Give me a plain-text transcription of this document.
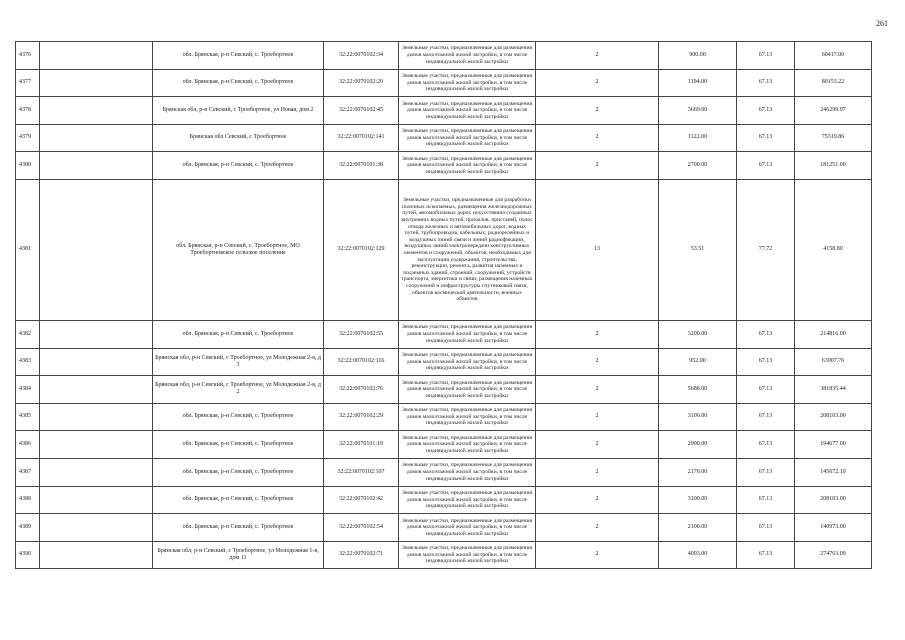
261
4376		обл. Брянская, р-н Севский, с. Троебортное	32:22:0070102:34	Земельные участки, предназначенные для размещения домов малоэтажной жилой застройки, в том числе индивидуальной жилой застройки	2	900.00	67.13	60417.00
4377		обл. Брянская, р-н Севский, с. Троебортное	32:22:0070102:20	Земельные участки, предназначенные для размещения домов малоэтажной жилой застройки, в том числе индивидуальной жилой застройки	2	1194.00	67.13	80153.22
4378		Брянская обл, р-н Севский, с Троебортное, ул Новая, дом 2	32:22:0070102:45	Земельные участки, предназначенные для размещения домов малоэтажной жилой застройки, в том числе индивидуальной жилой застройки	2	3669.00	67.13	246299.97
4379		Брянская обл Севский, с Троебортное	32:22:0070102:141	Земельные участки, предназначенные для размещения домов малоэтажной жилой застройки, в том числе индивидуальной жилой застройки	2	1122.00	67.13	75319.86
4380		обл. Брянская, р-н Севский, с. Троебортное	32:22:0070101:38	Земельные участки, предназначенные для размещения домов малоэтажной жилой застройки, в том числе индивидуальной жилой застройки	2	2700.00	67.13	181251.00
4381		обл. Брянская, р-н Севский, с. Троебортное, МО Троебортновское сельское поселение	32:22:0070102:129	Земельные участки, предназначенные для разработки полезных ископаемых, размещения железнодорожных путей, автомобильных дорог, искусственно созданных внутренних водных путей, причалов, пристаней, полос отвода железных и автомобильных дорог, водных путей, трубопроводов, кабельных, радиорелейных и воздушных линий связи и линий радиофикации, воздушных линий электропередачи конструктивных элементов и сооружений, объектов, необходимых для эксплуатации,содержания, строительства, реконструкции, ремонта, развития наземных и подземных зданий, строений, сооружений, устройств транспорта, энергетики и связи; размещения наземных сооружений и инфраструктуры спутниковой связи, объектов космической деятельности, военных объектов	13	53.51	77.72	4158.80
4382		обл. Брянская, р-н Севский, с. Троебортное	32:22:0070102:55	Земельные участки, предназначенные для размещения домов малоэтажной жилой застройки, в том числе индивидуальной жилой застройки	2	3200.00	67.13	214816.00
4383		Брянская обл, р-н Севский, с Троебортное, ул Молодежная 2-я, д 3	32:22:0070102:116	Земельные участки, предназначенные для размещения домов малоэтажной жилой застройки, в том числе индивидуальной жилой застройки	2	952.00	67.13	63907.76
4384		Брянская обл, р-н Севский, с Троебортное, ул Молодежная 2-я, д 2	32:22:0070102:76	Земельные участки, предназначенные для размещения домов малоэтажной жилой застройки, в том числе индивидуальной жилой застройки	2	5688.00	67.13	381835.44
4385		обл. Брянская, р-н Севский, с. Троебортное	32:22:0070102:29	Земельные участки, предназначенные для размещения домов малоэтажной жилой застройки, в том числе индивидуальной жилой застройки	2	3100.00	67.13	208103.00
4386		обл. Брянская, р-н Севский, с. Троебортное	32:22:0070101:19	Земельные участки, предназначенные для размещения домов малоэтажной жилой застройки, в том числе индивидуальной жилой застройки	2	2900.00	67.13	194677.00
4387		обл. Брянская, р-н Севский, с. Троебортное	32:22:0070102:107	Земельные участки, предназначенные для размещения домов малоэтажной жилой застройки, в том числе индивидуальной жилой застройки	2	2170.00	67.13	145672.10
4388		обл. Брянская, р-н Севский, с. Троебортное	32:22:0070102:42	Земельные участки, предназначенные для размещения домов малоэтажной жилой застройки, в том числе индивидуальной жилой застройки	2	3100.00	67.13	208103.00
4389		обл. Брянская, р-н Севский, с. Троебортное	32:22:0070102:54	Земельные участки, предназначенные для размещения домов малоэтажной жилой застройки, в том числе индивидуальной жилой застройки	2	2100.00	67.13	140973.00
4390		Брянская обл, р-н Севский, с Троебортное, ул Молодежная 1-я, дом 11	32:22:0070102:71	Земельные участки, предназначенные для размещения домов малоэтажной жилой застройки, в том числе индивидуальной жилой застройки	2	4093.00	67.13	274763.09
